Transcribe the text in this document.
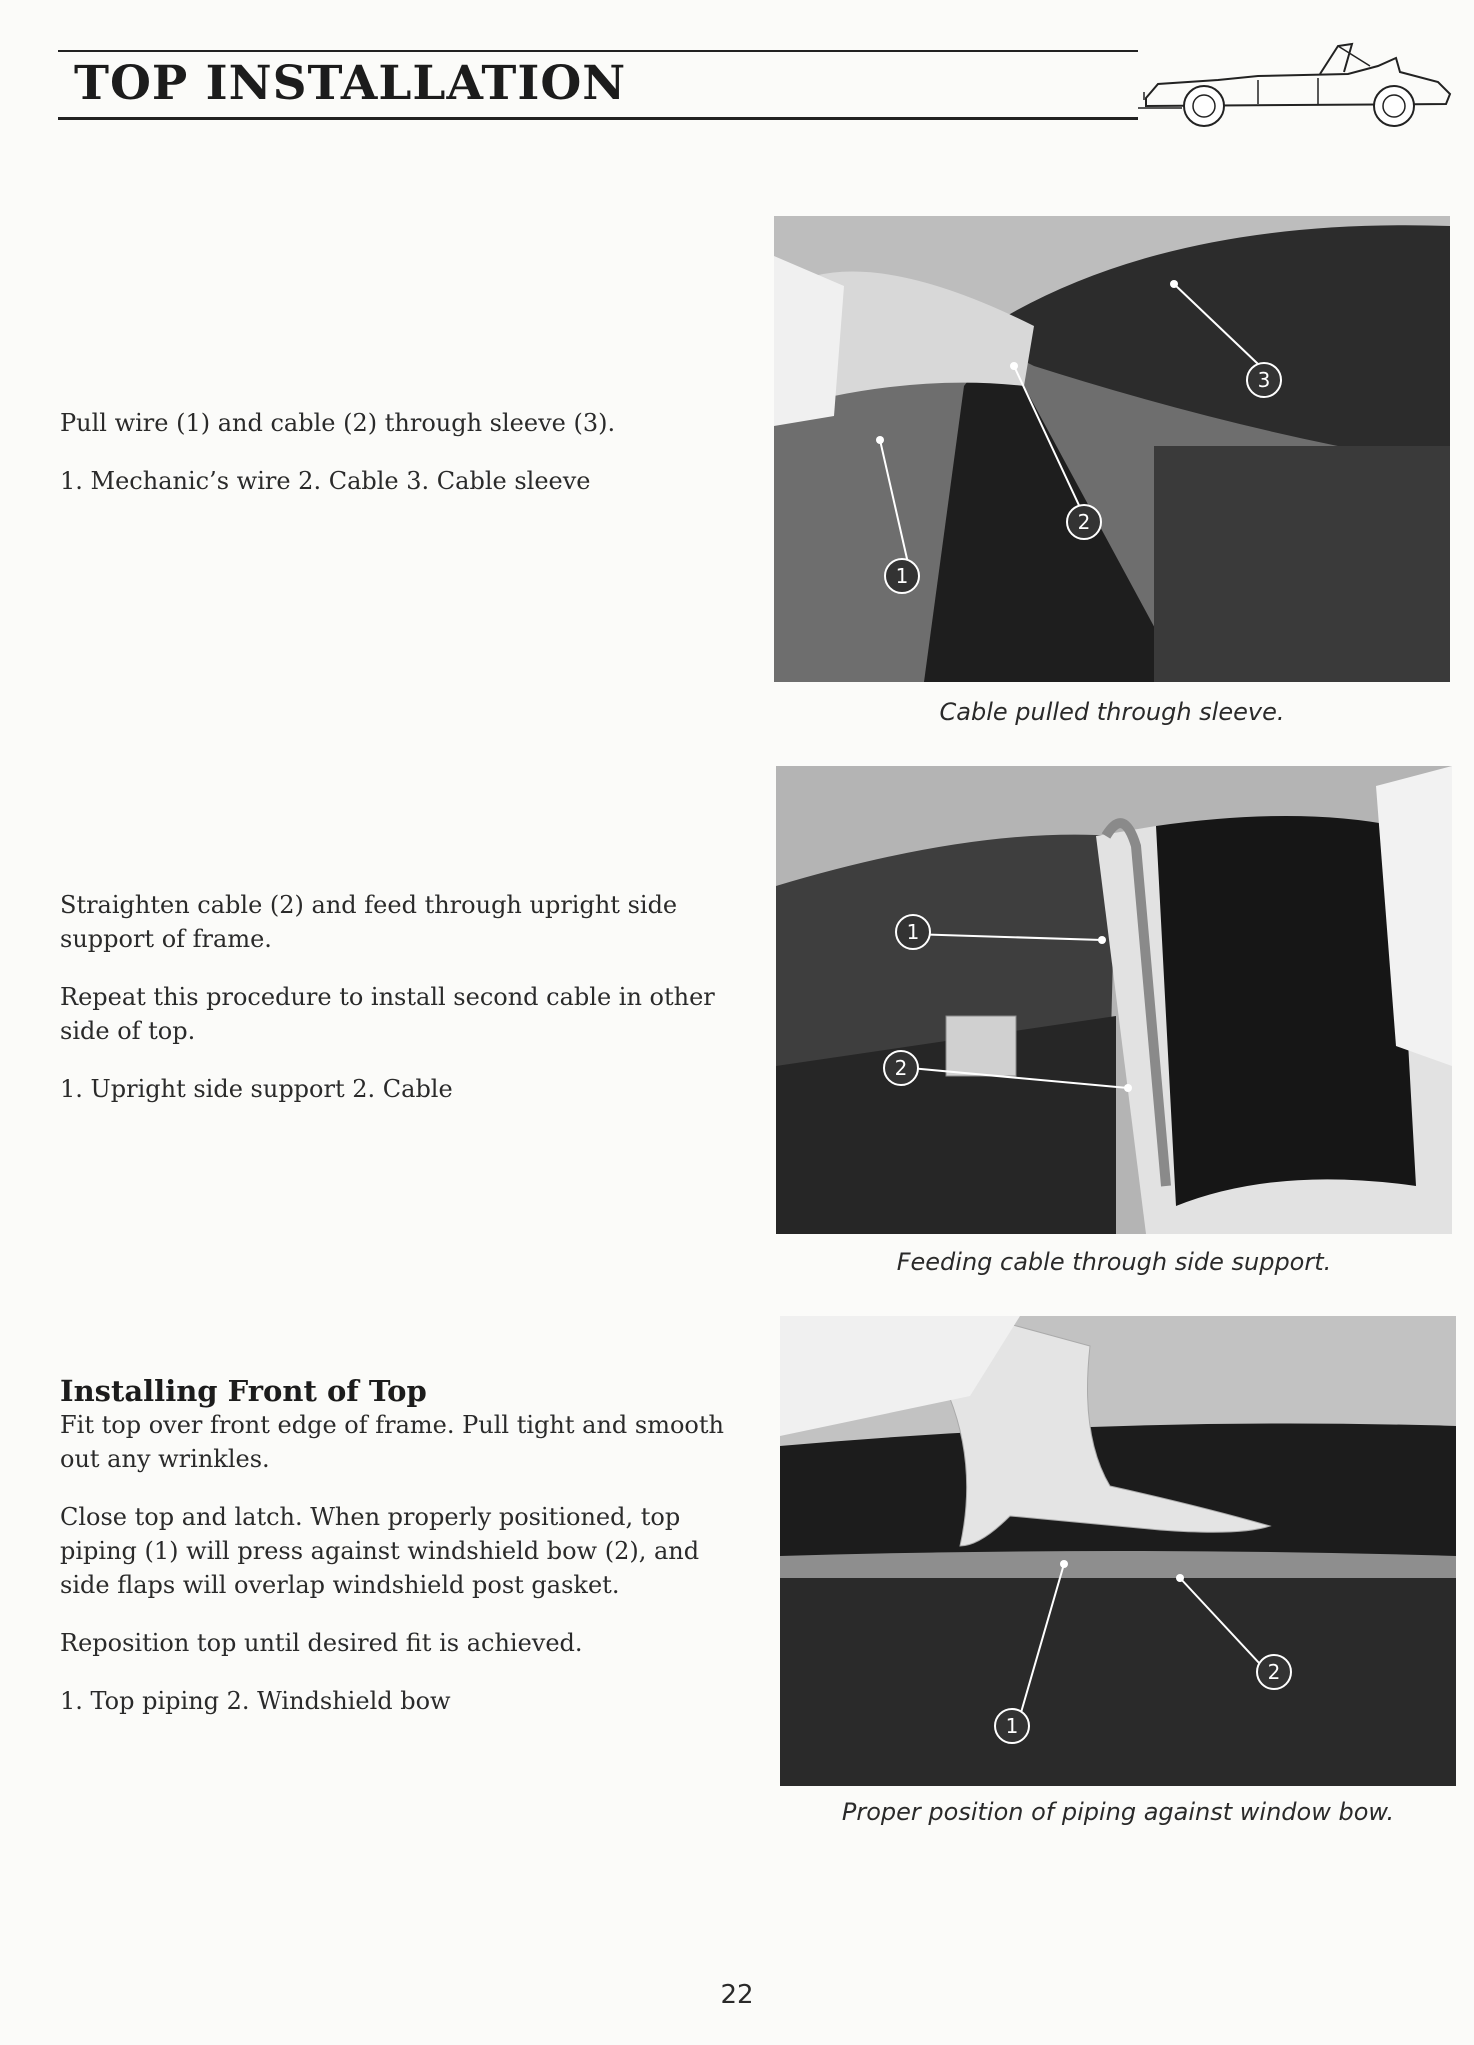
TOP INSTALLATION

Pull wire (1) and cable (2) through sleeve (3).

1. Mechanic’s wire 2. Cable 3. Cable sleeve

1
2
3
Cable pulled through sleeve.

Straighten cable (2) and feed through upright side support of frame.

Repeat this procedure to install second cable in other side of top.

1. Upright side support 2. Cable

1
2
Feeding cable through side support.
Installing Front of Top

Fit top over front edge of frame. Pull tight and smooth out any wrinkles.

Close top and latch. When properly positioned, top piping (1) will press against windshield bow (2), and side flaps will overlap windshield post gasket.

Reposition top until desired fit is achieved.

1. Top piping 2. Windshield bow

1
2
Proper position of piping against window bow.
22
